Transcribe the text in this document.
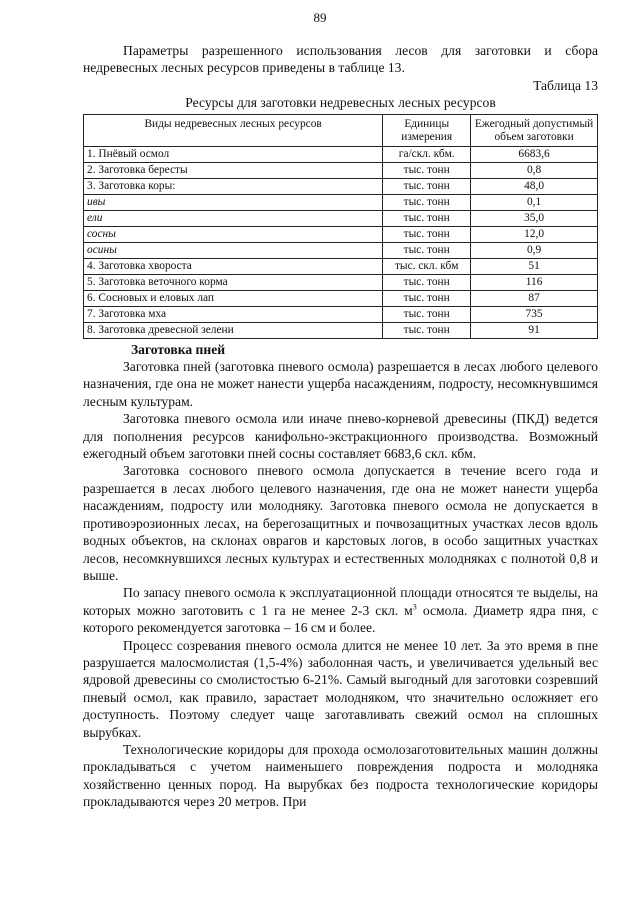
89

Параметры разрешенного использования лесов для заготовки и сбора недревесных лесных ресурсов приведены в таблице 13.

Таблица 13
Ресурсы для заготовки недревесных лесных ресурсов
Виды недревесных лесных ресурсов	Единицы измерения	Ежегодный допустимый объем заготовки
1. Пнёвый осмол	га/скл. кбм.	6683,6
2. Заготовка бересты	тыс. тонн	0,8
3. Заготовка коры:	тыс. тонн	48,0
ивы	тыс. тонн	0,1
ели	тыс. тонн	35,0
сосны	тыс. тонн	12,0
осины	тыс. тонн	0,9
4. Заготовка хвороста	тыс. скл. кбм	51
5. Заготовка веточного корма	тыс. тонн	116
6. Сосновых и еловых лап	тыс. тонн	87
7. Заготовка мха	тыс. тонн	735
8. Заготовка древесной зелени	тыс. тонн	91
Заготовка пней

Заготовка пней (заготовка пневого осмола) разрешается в лесах любого целевого назначения, где она не может нанести ущерба насаждениям, подросту, несомкнувшимся лесным культурам.

Заготовка пневого осмола или иначе пнево-корневой древесины (ПКД) ведется для пополнения ресурсов канифольно-экстракционного производства. Возможный ежегодный объем заготовки пней сосны составляет 6683,6 скл. кбм.

Заготовка соснового пневого осмола допускается в течение всего года и разрешается в лесах любого целевого назначения, где она не может нанести ущерба насаждениям, подросту или молодняку. Заготовка пневого осмола не допускается в противоэрозионных лесах, на берегозащитных и почвозащитных участках лесов вдоль водных объектов, на склонах оврагов и карстовых логов, в особо защитных участках лесов, несомкнувшихся лесных культурах и естественных молодняках с полнотой 0,8 и выше.

По запасу пневого осмола к эксплуатационной площади относятся те выделы, на которых можно заготовить с 1 га не менее 2-3 скл. $м^3$ осмола. Диаметр ядра пня, с которого рекомендуется заготовка – 16 см и более.

Процесс созревания пневого осмола длится не менее 10 лет. За это время в пне разрушается малосмолистая (1,5-4%) заболонная часть, и увеличивается удельный вес ядровой древесины со смолистостью 6-21%. Самый выгодный для заготовки созревший пневый осмол, как правило, зарастает молодняком, что значительно осложняет его доступность. Поэтому следует чаще заготавливать свежий осмол на сплошных вырубках.

Технологические коридоры для прохода осмолозаготовительных машин должны прокладываться с учетом наименьшего повреждения подроста и молодняка хозяйственно ценных пород. На вырубках без подроста технологические коридоры прокладываются через 20 метров. При
